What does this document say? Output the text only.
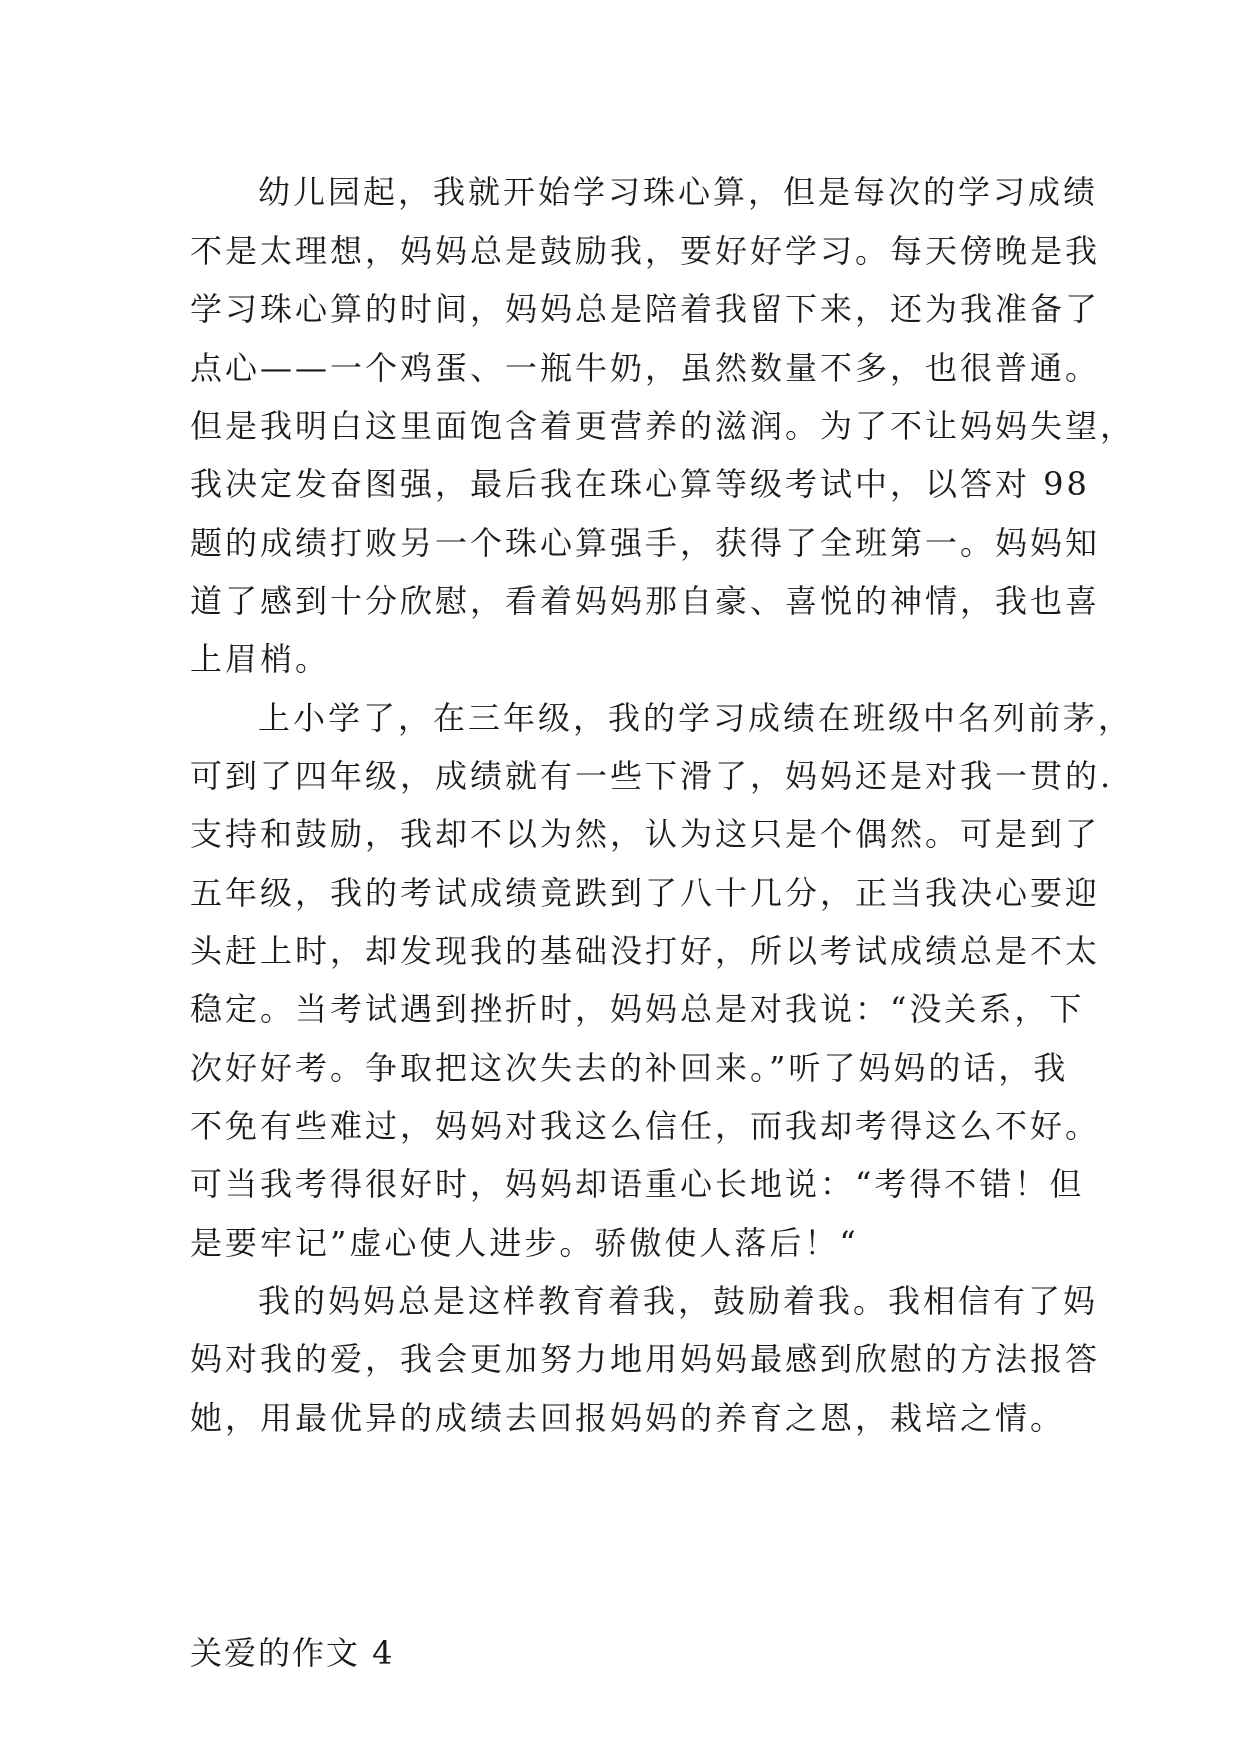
幼儿园起，我就开始学习珠心算，但是每次的学习成绩
不是太理想，妈妈总是鼓励我，要好好学习。每天傍晚是我
学习珠心算的时间，妈妈总是陪着我留下来，还为我准备了
点心——一个鸡蛋、一瓶牛奶，虽然数量不多，也很普通。
但是我明白这里面饱含着更营养的滋润。为了不让妈妈失望，
我决定发奋图强，最后我在珠心算等级考试中，以答对 98
题的成绩打败另一个珠心算强手，获得了全班第一。妈妈知
道了感到十分欣慰，看着妈妈那自豪、喜悦的神情，我也喜
上眉梢。
上小学了，在三年级，我的学习成绩在班级中名列前茅，
可到了四年级，成绩就有一些下滑了，妈妈还是对我一贯的.
支持和鼓励，我却不以为然，认为这只是个偶然。可是到了
五年级，我的考试成绩竟跌到了八十几分，正当我决心要迎
头赶上时，却发现我的基础没打好，所以考试成绩总是不太
稳定。当考试遇到挫折时，妈妈总是对我说：“没关系，下
次好好考。争取把这次失去的补回来。”听了妈妈的话，我
不免有些难过，妈妈对我这么信任，而我却考得这么不好。
可当我考得很好时，妈妈却语重心长地说：“考得不错！但
是要牢记”虚心使人进步。骄傲使人落后！“
我的妈妈总是这样教育着我，鼓励着我。我相信有了妈
妈对我的爱，我会更加努力地用妈妈最感到欣慰的方法报答
她，用最优异的成绩去回报妈妈的养育之恩，栽培之情。
关爱的作文 4
